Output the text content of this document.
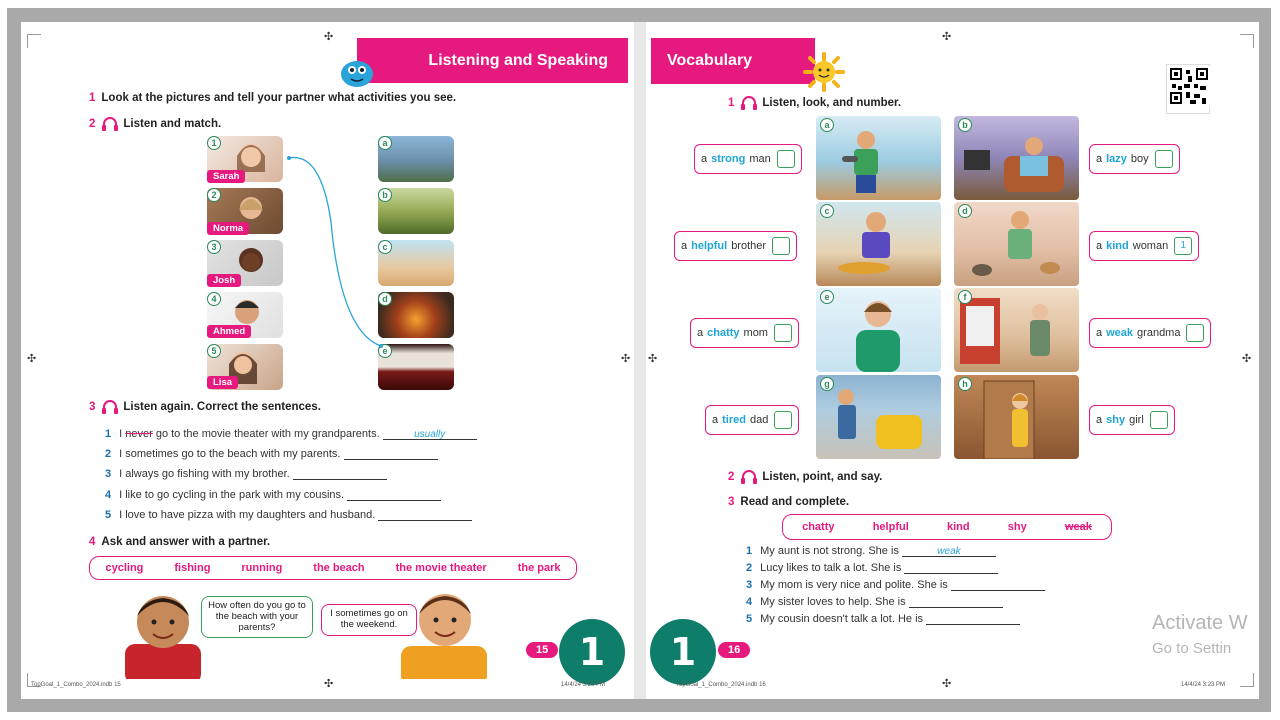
✣
✣	✣
✣
Listening and Speaking
1 Look at the pictures and tell your partner what activities you see.
2 Listen and match.
1
2
3
4
5
Sarah
Norma
Josh
Ahmed
Lisa
a
b
c
d
e
3 Listen again. Correct the sentences.
1 I never go to the movie theater with my grandparents.	usually
2 I sometimes go to the beach with my parents.
3 I always go fishing with my brother.
4 I like to go cycling in the park with my cousins.
5 I love to have pizza with my daughters and husband.
4 Ask and answer with a partner.
cycling	fishing	running	the beach	the movie theater	the park
How often do you go to the beach with your parents?
I sometimes go on the weekend.
15 1
TopGoal_1_Combo_2024.indb 15	14/4/24 3:23 PM
✣
✣	✣
✣
Vocabulary
1 Listen, look, and number.
a	b
c	d
e	f
g	h
a strong man	a lazy boy
a helpful brother	a kind woman	1
a chatty mom	a weak grandma
a tired dad	a shy girl
2 Listen, point, and say.
3 Read and complete.
chatty	helpful	kind	shy	weak
1 My aunt is not strong. She is	weak
2 Lucy likes to talk a lot. She is
3 My mom is very nice and polite. She is
4 My sister loves to help. She is
5 My cousin doesn't talk a lot. He is
1	16
TopGoal_1_Combo_2024.indb 16	14/4/24 3:23 PM
Activate W
Go to Settin
